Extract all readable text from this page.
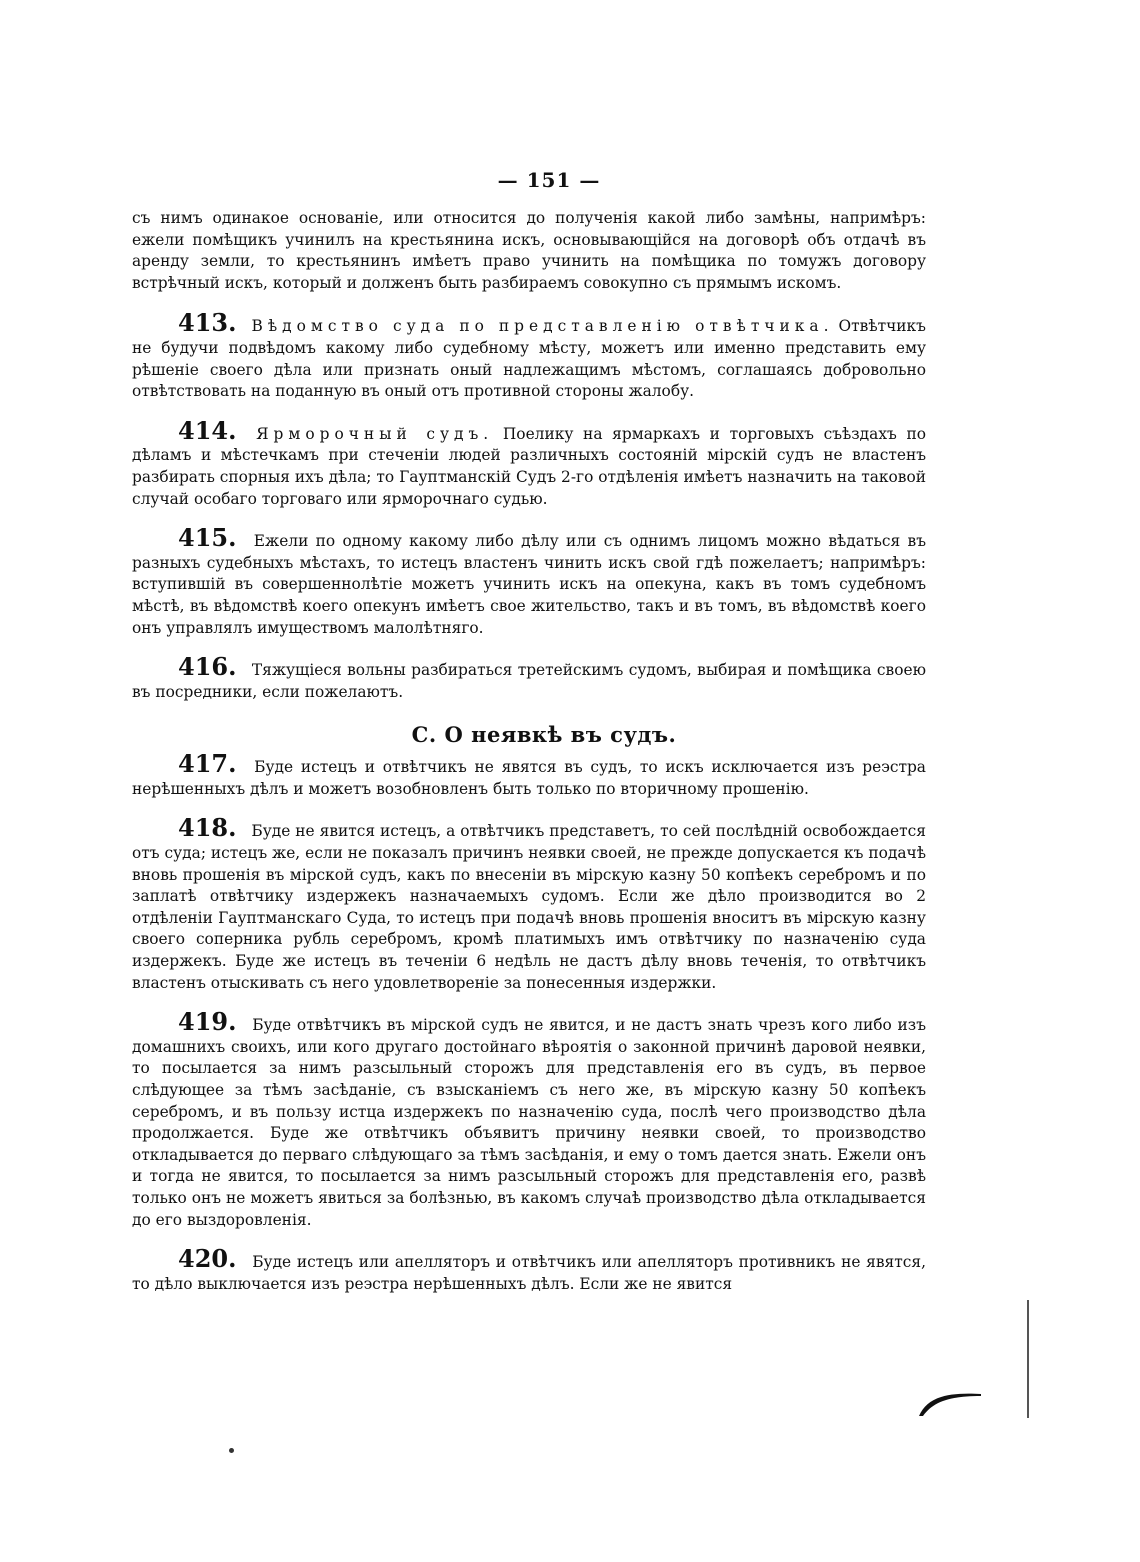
— 151 —

съ нимъ одинакое основаніе, или относится до полученія какой либо замѣны, напримѣръ: ежели помѣщикъ учинилъ на крестьянина искъ, основывающійся на договорѣ объ отдачѣ въ аренду земли, то крестьянинъ имѣетъ право учинить на помѣщика по томужъ договору встрѣчный искъ, который и долженъ быть разбираемъ совокупно съ прямымъ искомъ.

413. Вѣдомство суда по представленію отвѣтчика. Отвѣтчикъ не будучи подвѣдомъ какому либо судебному мѣсту, можетъ или именно представить ему рѣшеніе своего дѣла или признать оный надлежащимъ мѣстомъ, соглашаясь добровольно отвѣтствовать на поданную въ оный отъ противной стороны жалобу.

414. Ярморочный судъ. Поелику на ярмаркахъ и торговыхъ съѣздахъ по дѣламъ и мѣстечкамъ при стеченіи людей различныхъ состояній мірскій судъ не властенъ разбирать спорныя ихъ дѣла; то Гауптманскій Судъ 2-го отдѣленія имѣетъ назначить на таковой случай особаго торговаго или ярморочнаго судью.

415. Ежели по одному какому либо дѣлу или съ однимъ лицомъ можно вѣдаться въ разныхъ судебныхъ мѣстахъ, то истецъ властенъ чинить искъ свой гдѣ пожелаетъ; напримѣръ: вступившій въ совершеннолѣтіе можетъ учинить искъ на опекуна, какъ въ томъ судебномъ мѣстѣ, въ вѣдомствѣ коего опекунъ имѣетъ свое жительство, такъ и въ томъ, въ вѣдомствѣ коего онъ управлялъ имуществомъ малолѣтняго.

416. Тяжущіеся вольны разбираться третейскимъ судомъ, выбирая и помѣщика своею въ посредники, если пожелаютъ.

С. О неявкѣ въ судъ.

417. Буде истецъ и отвѣтчикъ не явятся въ судъ, то искъ исключается изъ реэстра нерѣшенныхъ дѣлъ и можетъ возобновленъ быть только по вторичному прошенію.

418. Буде не явится истецъ, а отвѣтчикъ представетъ, то сей послѣдній освобождается отъ суда; истецъ же, если не показалъ причинъ неявки своей, не прежде допускается къ подачѣ вновь прошенія въ мірской судъ, какъ по внесеніи въ мірскую казну 50 копѣекъ серебромъ и по заплатѣ отвѣтчику издержекъ назначаемыхъ судомъ. Если же дѣло производится во 2 отдѣленіи Гауптманскаго Суда, то истецъ при подачѣ вновь прошенія вноситъ въ мірскую казну своего соперника рубль серебромъ, кромѣ платимыхъ имъ отвѣтчику по назначенію суда издержекъ. Буде же истецъ въ теченіи 6 недѣль не дастъ дѣлу вновь теченія, то отвѣтчикъ властенъ отыскивать съ него удовлетвореніе за понесенныя издержки.

419. Буде отвѣтчикъ въ мірской судъ не явится, и не дастъ знать чрезъ кого либо изъ домашнихъ своихъ, или кого другаго достойнаго вѣроятія о законной причинѣ даровой неявки, то посылается за нимъ разсыльный сторожъ для представленія его въ судъ, въ первое слѣдующее за тѣмъ засѣданіе, съ взысканіемъ съ него же, въ мірскую казну 50 копѣекъ серебромъ, и въ пользу истца издержекъ по назначенію суда, послѣ чего производство дѣла продолжается. Буде же отвѣтчикъ объявитъ причину неявки своей, то производство откладывается до перваго слѣдующаго за тѣмъ засѣданія, и ему о томъ дается знать. Ежели онъ и тогда не явится, то посылается за нимъ разсыльный сторожъ для представленія его, развѣ только онъ не можетъ явиться за болѣзнью, въ какомъ случаѣ производство дѣла откладывается до его выздоровленія.

420. Буде истецъ или апелляторъ и отвѣтчикъ или апелляторъ противникъ не явятся, то дѣло выключается изъ реэстра нерѣшенныхъ дѣлъ. Если же не явится
